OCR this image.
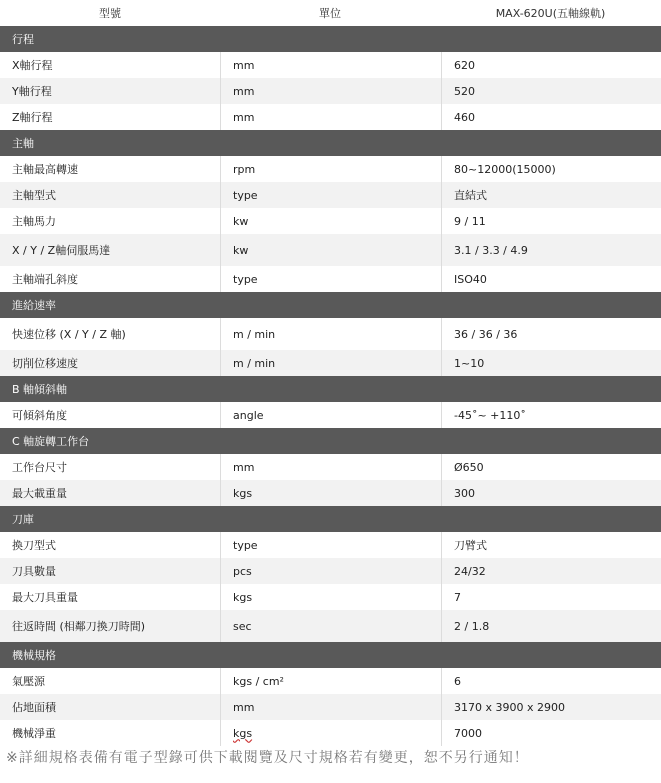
型號	單位	MAX-620U(五軸線軌)
行程
X軸行程	mm	620
Y軸行程	mm	520
Z軸行程	mm	460
主軸
主軸最高轉速	rpm	80~12000(15000)
主軸型式	type	直結式
主軸馬力	kw	9 / 11
X / Y / Z軸伺服馬達	kw	3.1 / 3.3 / 4.9
主軸端孔斜度	type	ISO40
進給速率
快速位移 (X / Y / Z 軸)	m / min	36 / 36 / 36
切削位移速度	m / min	1~10
B 軸傾斜軸
可傾斜角度	angle	-45˚~ +110˚
C 軸旋轉工作台
工作台尺寸	mm	Ø650
最大載重量	kgs	300
刀庫
換刀型式	type	刀臂式
刀具數量	pcs	24/32
最大刀具重量	kgs	7
往返時間 (相鄰刀換刀時間)	sec	2 / 1.8
機械規格
氣壓源	kgs / cm²	6
佔地面積	mm	3170 x 3900 x 2900
機械淨重	kgs	7000
※詳細規格表備有電子型錄可供下載閱覽及尺寸規格若有變更，恕不另行通知！
